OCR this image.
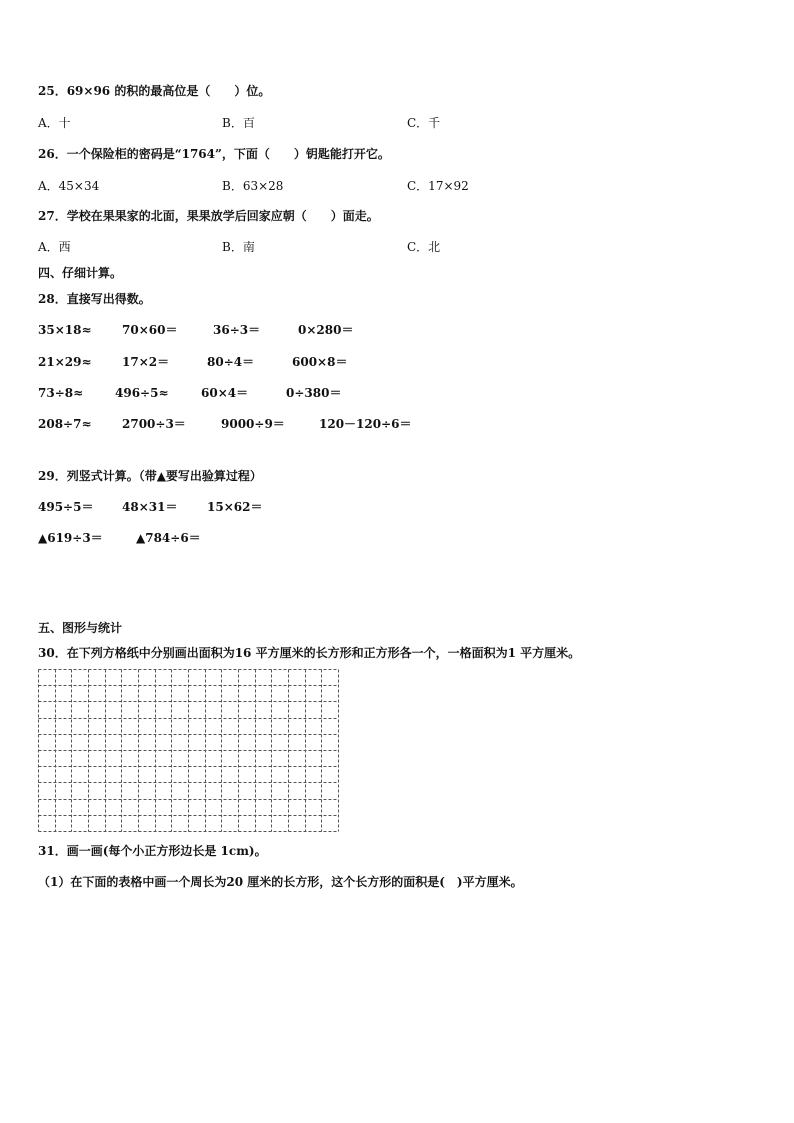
25．69×96 的积的最高位是（　　）位。
A．十	B．百	C．千
26．一个保险柜的密码是“1764”，下面（　　）钥匙能打开它。
A．45×34	B．63×28	C．17×92
27．学校在果果家的北面，果果放学后回家应朝（　　）面走。
A．西	B．南	C．北
四、仔细计算。
28．直接写出得数。
35×18≈	70×60＝	36÷3＝	0×280＝
21×29≈	17×2＝	80÷4＝	600×8＝
73÷8≈	496÷5≈	60×4＝	0÷380＝
208÷7≈	2700÷3＝	9000÷9＝	120－120÷6＝
29．列竖式计算。（带▲要写出验算过程）
495÷5＝ 48×31＝ 15×62＝
▲619÷3＝	▲784÷6＝
五、图形与统计
30．在下列方格纸中分别画出面积为16 平方厘米的长方形和正方形各一个，一格面积为1 平方厘米。
31．画一画(每个小正方形边长是 1cm)。
（1）在下面的表格中画一个周长为20 厘米的长方形，这个长方形的面积是(　)平方厘米。
